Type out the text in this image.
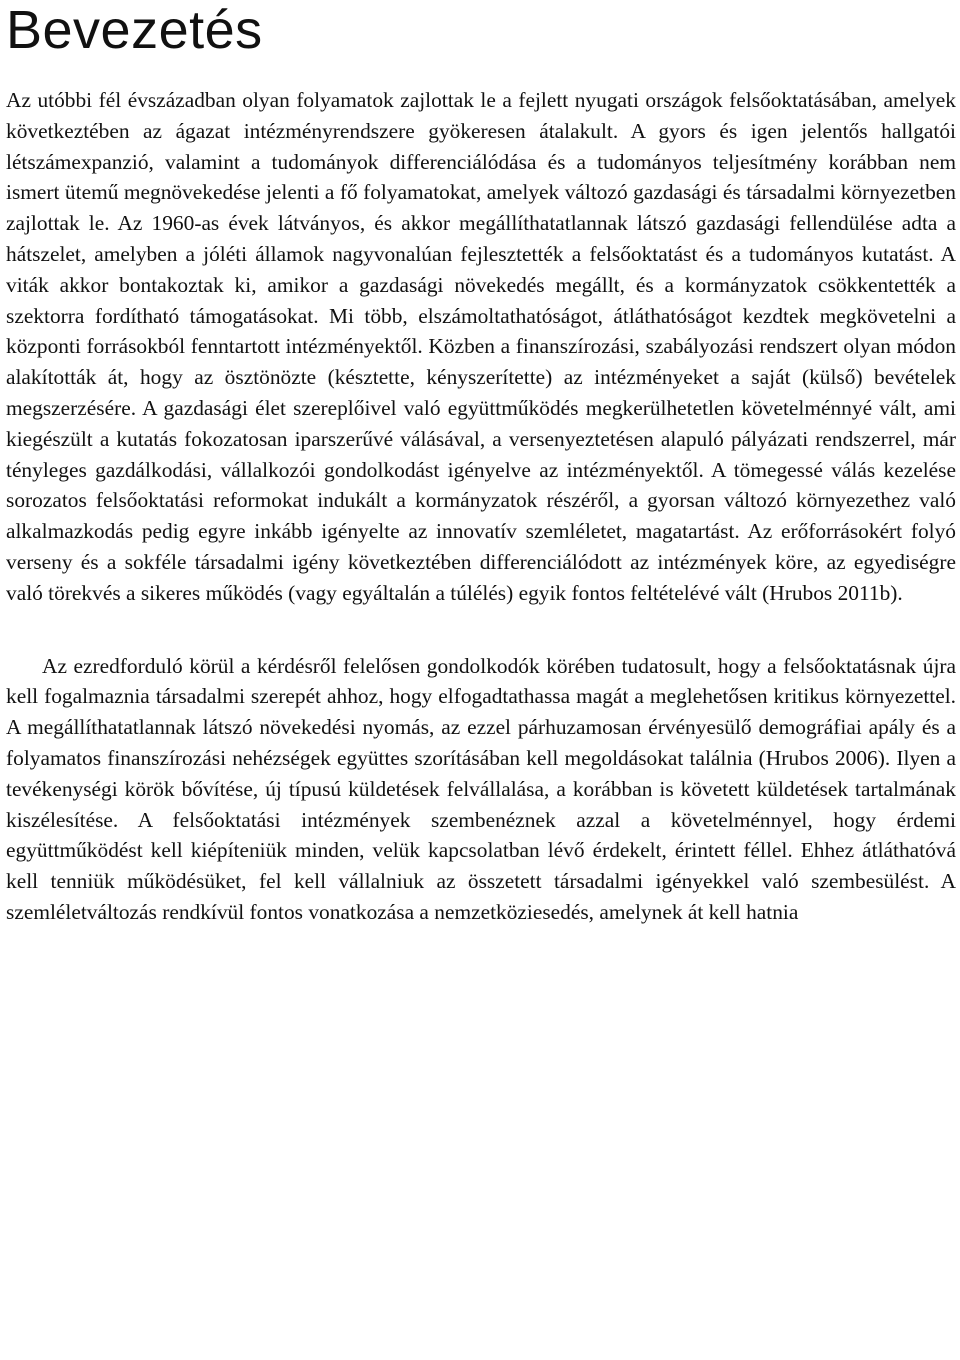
Bevezetés

Az utóbbi fél évszázadban olyan folyamatok zajlottak le a fejlett nyugati országok felsőoktatásában, amelyek következtében az ágazat intézményrendszere gyökeresen átalakult. A gyors és igen jelentős hallgatói létszámexpanzió, valamint a tudományok differenciálódása és a tudományos teljesítmény korábban nem ismert ütemű megnövekedése jelenti a fő folyamatokat, amelyek változó gazdasági és társadalmi környezetben zajlottak le. Az 1960-as évek látványos, és akkor megállíthatatlannak látszó gazdasági fellendülése adta a hátszelet, amelyben a jóléti államok nagyvonalúan fejlesztették a felsőoktatást és a tudományos kutatást. A viták akkor bontakoztak ki, amikor a gazdasági növekedés megállt, és a kormányzatok csökkentették a szektorra fordítható támogatásokat. Mi több, elszámoltathatóságot, átláthatóságot kezdtek megkövetelni a központi forrásokból fenntartott intézményektől. Közben a finanszírozási, szabályozási rendszert olyan módon alakították át, hogy az ösztönözte (késztette, kényszerítette) az intézményeket a saját (külső) bevételek megszerzésére. A gazdasági élet szereplőivel való együttműködés megkerülhetetlen követelménnyé vált, ami kiegészült a kutatás fokozatosan iparszerűvé válásával, a versenyeztetésen alapuló pályázati rendszerrel, már tényleges gazdálkodási, vállalkozói gondolkodást igényelve az intézményektől. A tömegessé válás kezelése sorozatos felsőoktatási reformokat indukált a kormányzatok részéről, a gyorsan változó környezethez való alkalmazkodás pedig egyre inkább igényelte az innovatív szemléletet, magatartást. Az erőforrásokért folyó verseny és a sokféle társadalmi igény következtében differenciálódott az intézmények köre, az egyediségre való törekvés a sikeres működés (vagy egyáltalán a túlélés) egyik fontos feltételévé vált (Hrubos 2011b).

Az ezredforduló körül a kérdésről felelősen gondolkodók körében tudatosult, hogy a felsőoktatásnak újra kell fogalmaznia társadalmi szerepét ahhoz, hogy elfogadtathassa magát a meglehetősen kritikus környezettel. A megállíthatatlannak látszó növekedési nyomás, az ezzel párhuzamosan érvényesülő demográfiai apály és a folyamatos finanszírozási nehézségek együttes szorításában kell megoldásokat találnia (Hrubos 2006). Ilyen a tevékenységi körök bővítése, új típusú küldetések felvállalása, a korábban is követett küldetések tartalmának kiszélesítése. A felsőoktatási intézmények szembenéznek azzal a követelménnyel, hogy érdemi együttműködést kell kiépíteniük minden, velük kapcsolatban lévő érdekelt, érintett féllel. Ehhez átláthatóvá kell tenniük működésüket, fel kell vállalniuk az összetett társadalmi igényekkel való szembesülést. A szemléletváltozás rendkívül fontos vonatkozása a nemzetköziesedés, amelynek át kell hatnia
